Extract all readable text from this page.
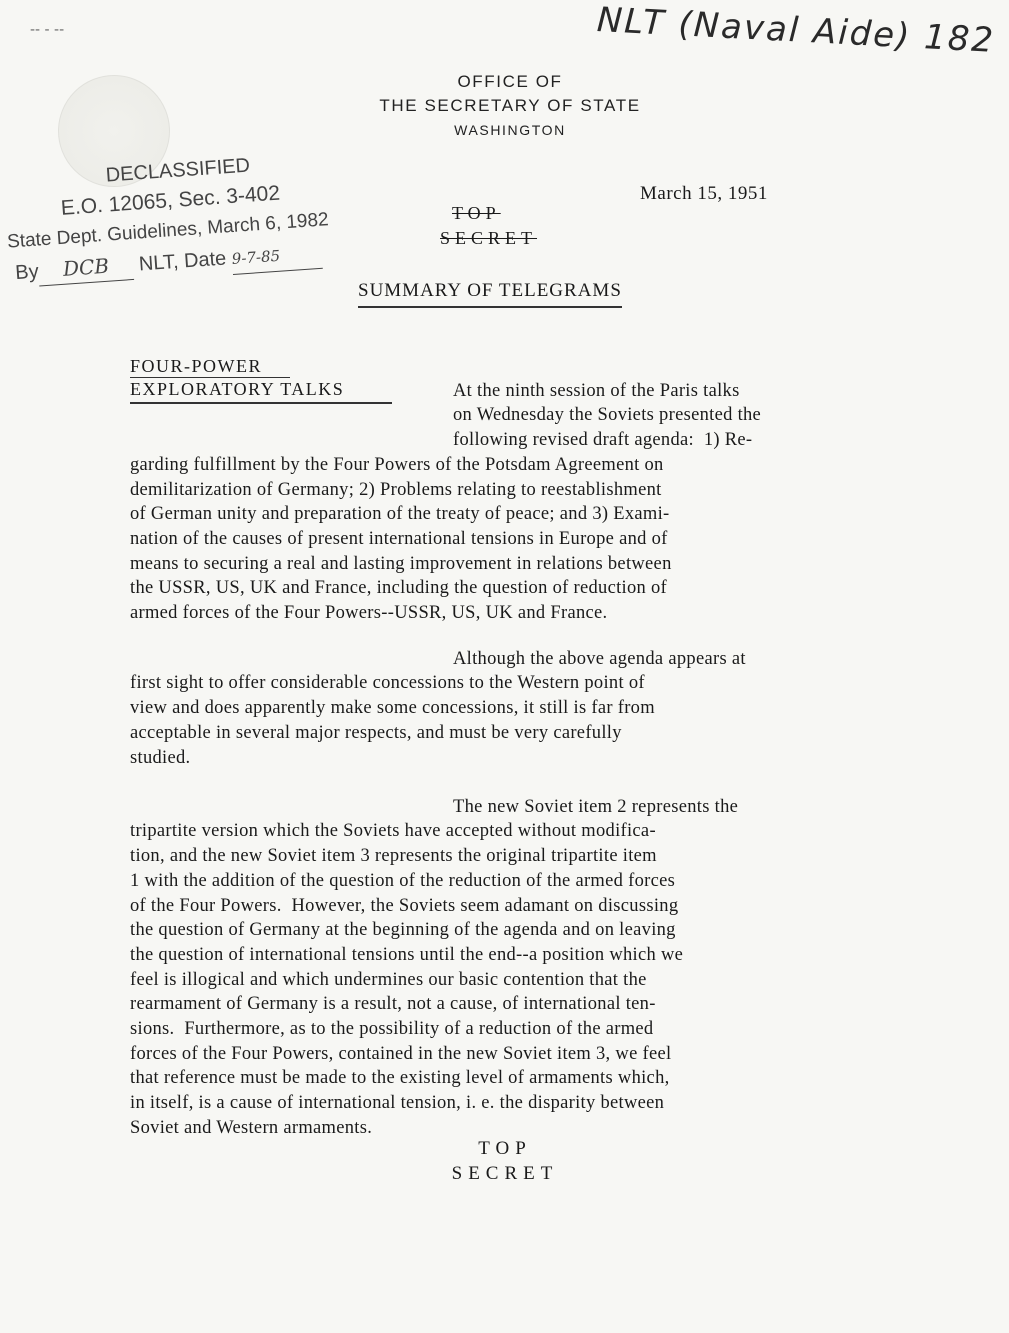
NLT (Naval Aide) 182
-- - --
OFFICE OF
THE SECRETARY OF STATE
WASHINGTON
DECLASSIFIED
E.O. 12065, Sec. 3-402
State Dept. Guidelines, March 6, 1982
By DCB NLT, Date 9-7-85
March 15, 1951
TOP
SECRET
SUMMARY OF TELEGRAMS
FOUR-POWER
EXPLORATORY TALKS	At the ninth session of the Paris talks
on Wednesday the Soviets presented the
following revised draft agenda:  1) Re-
garding fulfillment by the Four Powers of the Potsdam Agreement on
demilitarization of Germany; 2) Problems relating to reestablishment
of German unity and preparation of the treaty of peace; and 3) Exami-
nation of the causes of present international tensions in Europe and of
means to securing a real and lasting improvement in relations between
the USSR, US, UK and France, including the question of reduction of
armed forces of the Four Powers--USSR, US, UK and France.

Although the above agenda appears at
first sight to offer considerable concessions to the Western point of
view and does apparently make some concessions, it still is far from
acceptable in several major respects, and must be very carefully
studied.

The new Soviet item 2 represents the
tripartite version which the Soviets have accepted without modifica-
tion, and the new Soviet item 3 represents the original tripartite item
1 with the addition of the question of the reduction of the armed forces
of the Four Powers.  However, the Soviets seem adamant on discussing
the question of Germany at the beginning of the agenda and on leaving
the question of international tensions until the end--a position which we
feel is illogical and which undermines our basic contention that the
rearmament of Germany is a result, not a cause, of international ten-
sions.  Furthermore, as to the possibility of a reduction of the armed
forces of the Four Powers, contained in the new Soviet item 3, we feel
that reference must be made to the existing level of armaments which,
in itself, is a cause of international tension, i. e. the disparity between
Soviet and Western armaments.

TOP
SECRET
